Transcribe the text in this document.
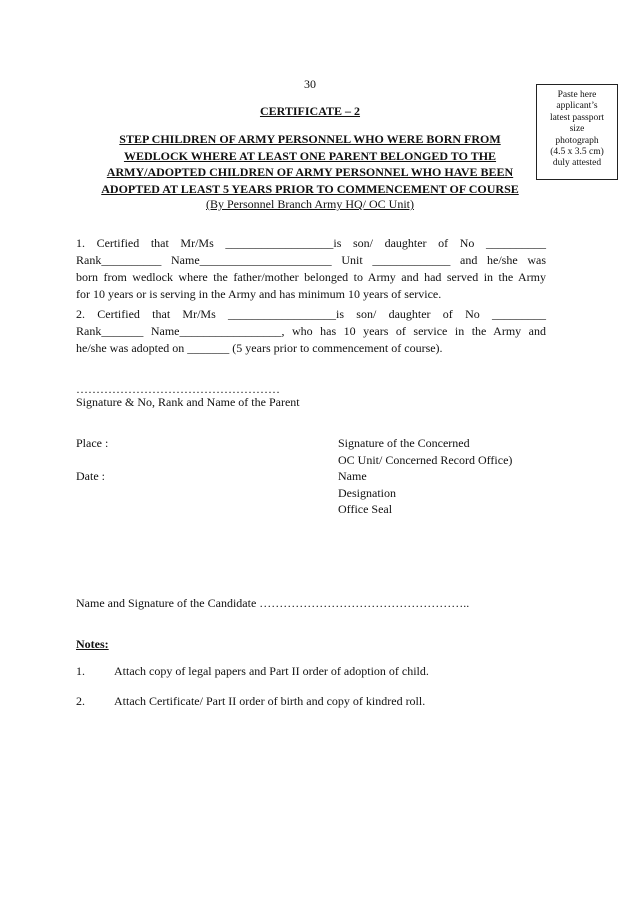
30
Paste here
applicant’s
latest passport
size
photograph
(4.5 x 3.5 cm)
duly attested
CERTIFICATE – 2
STEP CHILDREN OF ARMY PERSONNEL WHO WERE BORN FROM
WEDLOCK WHERE AT LEAST ONE PARENT BELONGED TO THE
ARMY/ADOPTED CHILDREN OF ARMY PERSONNEL WHO HAVE BEEN
ADOPTED AT LEAST 5 YEARS PRIOR TO COMMENCEMENT OF COURSE
(By Personnel Branch Army HQ/ OC Unit)
1. Certified that Mr/Ms __________________is son/ daughter of No __________
Rank__________ Name______________________ Unit _____________ and he/she was
born from wedlock where the father/mother belonged to Army and had served in the Army
for 10 years or is serving in the Army and has minimum 10 years of service.
2. Certified that Mr/Ms __________________is son/ daughter of No _________
Rank_______ Name_________________, who has 10 years of service in the Army and
he/she was adopted on _______ (5 years prior to commencement of course).
……………………………………………
Signature & No, Rank and Name of the Parent
Place :
Date :
Signature of the Concerned
OC Unit/ Concerned Record Office)
Name
Designation
Office Seal
Name and Signature of the Candidate ……………………………………………..
Notes:
1.	Attach copy of legal papers and Part II order of adoption of child.
2.	Attach Certificate/ Part II order of birth and copy of kindred roll.
